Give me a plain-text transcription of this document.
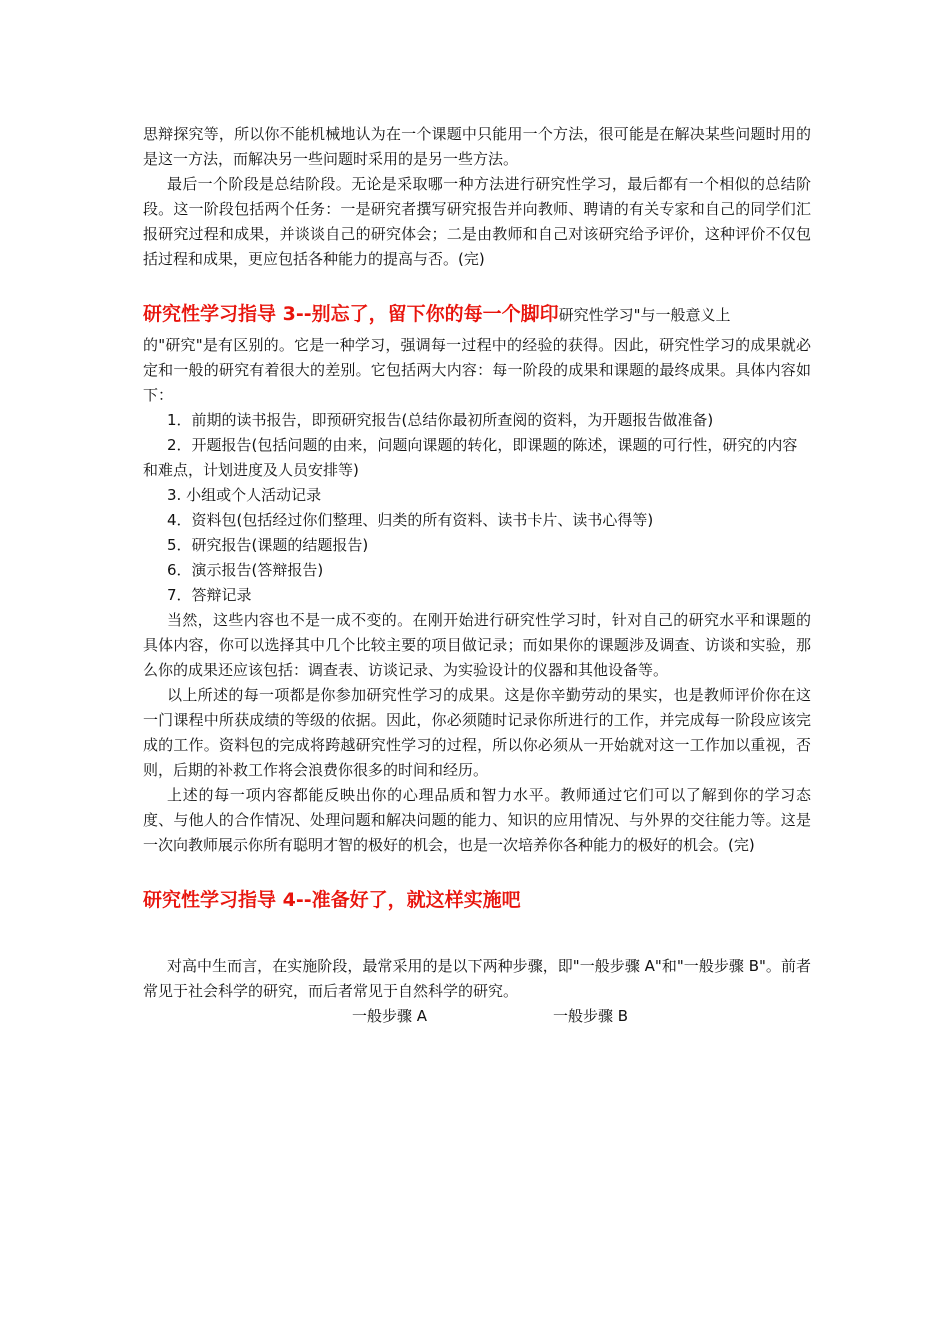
思辩探究等，所以你不能机械地认为在一个课题中只能用一个方法，很可能是在解决某些问题时用的是这一方法，而解决另一些问题时采用的是另一些方法。

最后一个阶段是总结阶段。无论是采取哪一种方法进行研究性学习，最后都有一个相似的总结阶段。这一阶段包括两个任务：一是研究者撰写研究报告并向教师、聘请的有关专家和自己的同学们汇报研究过程和成果，并谈谈自己的研究体会；二是由教师和自己对该研究给予评价，这种评价不仅包括过程和成果，更应包括各种能力的提高与否。(完)

研究性学习指导 3--别忘了，留下你的每一个脚印研究性学习"与一般意义上

的"研究"是有区别的。它是一种学习，强调每一过程中的经验的获得。因此，研究性学习的成果就必定和一般的研究有着很大的差别。它包括两大内容：每一阶段的成果和课题的最终成果。具体内容如下：

1．前期的读书报告，即预研究报告(总结你最初所查阅的资料，为开题报告做准备)

2．开题报告(包括问题的由来，问题向课题的转化，即课题的陈述，课题的可行性，研究的内容和难点，计划进度及人员安排等)

3. 小组或个人活动记录

4．资料包(包括经过你们整理、归类的所有资料、读书卡片、读书心得等)

5．研究报告(课题的结题报告)

6．演示报告(答辩报告)

7．答辩记录

当然，这些内容也不是一成不变的。在刚开始进行研究性学习时，针对自己的研究水平和课题的具体内容，你可以选择其中几个比较主要的项目做记录；而如果你的课题涉及调查、访谈和实验，那么你的成果还应该包括：调查表、访谈记录、为实验设计的仪器和其他设备等。

以上所述的每一项都是你参加研究性学习的成果。这是你辛勤劳动的果实，也是教师评价你在这一门课程中所获成绩的等级的依据。因此，你必须随时记录你所进行的工作，并完成每一阶段应该完成的工作。资料包的完成将跨越研究性学习的过程，所以你必须从一开始就对这一工作加以重视，否则，后期的补救工作将会浪费你很多的时间和经历。

上述的每一项内容都能反映出你的心理品质和智力水平。教师通过它们可以了解到你的学习态度、与他人的合作情况、处理问题和解决问题的能力、知识的应用情况、与外界的交往能力等。这是一次向教师展示你所有聪明才智的极好的机会，也是一次培养你各种能力的极好的机会。(完)

研究性学习指导 4--准备好了，就这样实施吧

对高中生而言，在实施阶段，最常采用的是以下两种步骤，即"一般步骤 A"和"一般步骤 B"。前者常见于社会科学的研究，而后者常见于自然科学的研究。

一般步骤 A	一般步骤 B
